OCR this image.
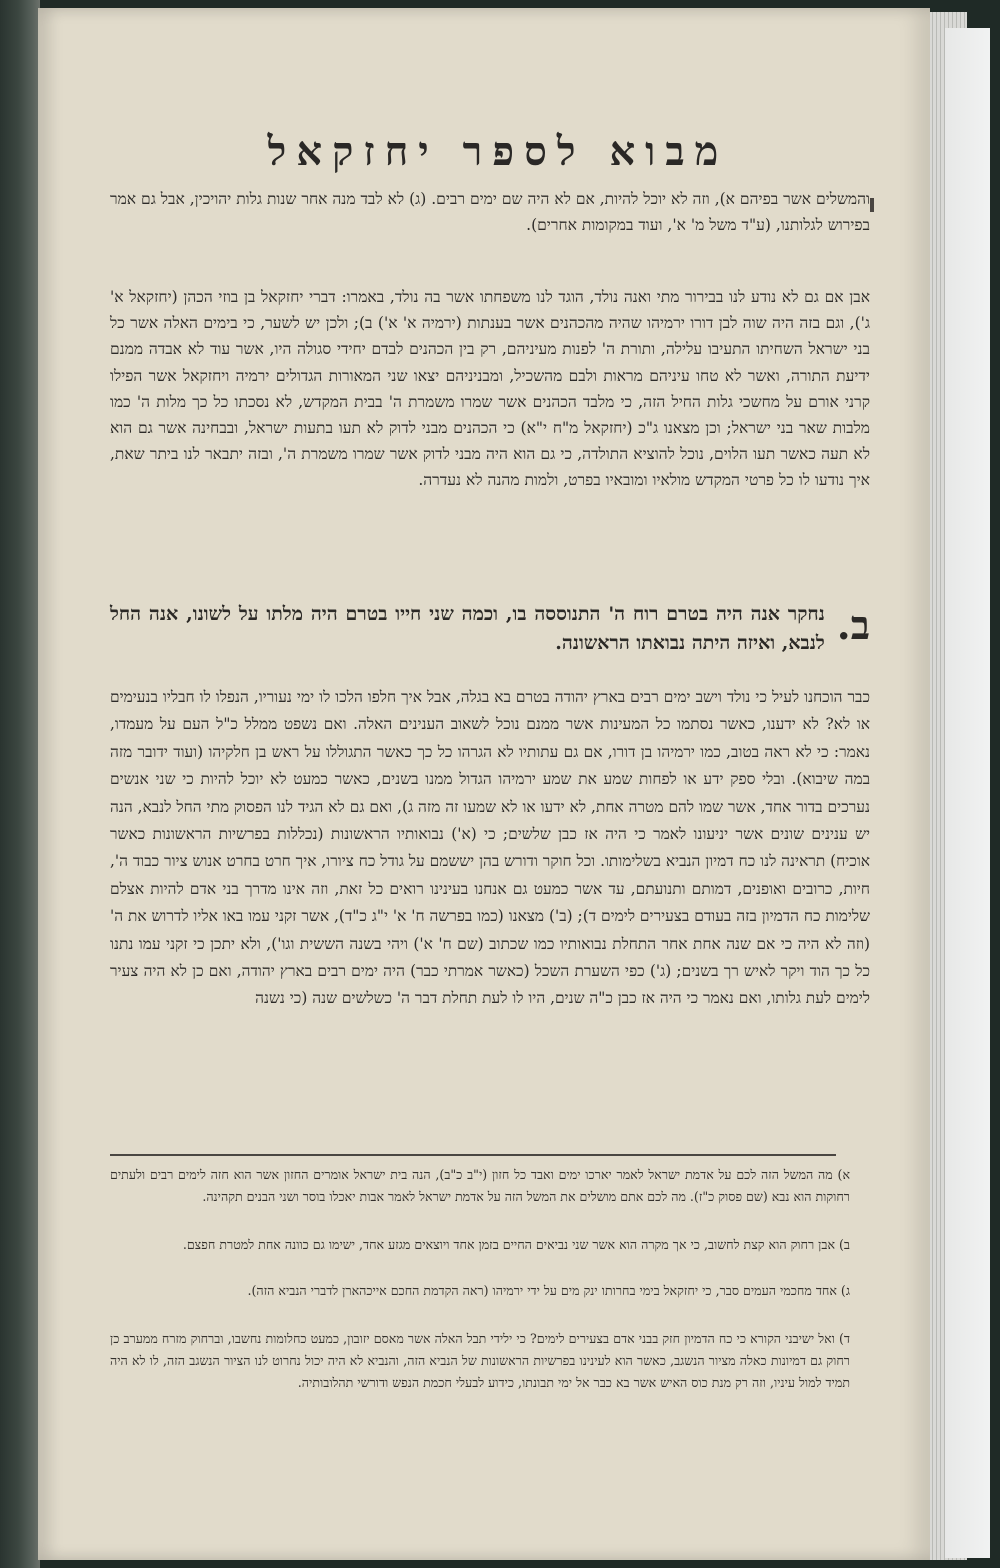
מבוא לספר יחזקאל

והמשלים אשר בפיהם א), וזה לא יוכל להיות, אם לא היה שם ימים רבים. (ג) לא לבד מנה אחר שנות גלות יהויכין, אבל גם אמר בפירוש לגלותנו, (ע"ד משל מ' א', ועוד במקומות אחרים).

אבן אם גם לא נודע לנו בבירור מתי ואנה נולד, הוגד לנו משפחתו אשר בה נולד, באמרו: דברי יחזקאל בן בוזי הכהן (יחזקאל א' ג'), וגם בזה היה שוה לבן דורו ירמיהו שהיה מהכהנים אשר בענתות (ירמיה א' א') ב); ולכן יש לשער, כי בימים האלה אשר כל בני ישראל השחיתו התעיבו עלילה, ותורת ה' לפנות מעיניהם, רק בין הכהנים לבדם יחידי סגולה היו, אשר עוד לא אבדה ממנם ידיעת התורה, ואשר לא טחו עיניהם מראות ולבם מהשכיל, ומבניניהם יצאו שני המאורות הגדולים ירמיה ויחזקאל אשר הפילו קרני אורם על מחשכי גלות החיל הזה, כי מלבד הכהנים אשר שמרו משמרת ה' בבית המקדש, לא נסכתו כל כך מלות ה' כמו מלבות שאר בני ישראל; וכן מצאנו ג"כ (יחזקאל מ"ח י"א) כי הכהנים מבני לדוק לא תעו בתעות ישראל, ובבחינה אשר גם הוא לא תעה כאשר תעו הלוים, נוכל להוציא התולדה, כי גם הוא היה מבני לדוק אשר שמרו משמרת ה', ובזה יתבאר לנו ביתר שאת, איך נודעו לו כל פרטי המקדש מולאיו ומובאיו בפרט, ולמות מהנה לא נעדרה.

ב.
נחקר אנה היה בטרם רוח ה' התנוססה בו, וכמה שני חייו בטרם היה מלתו על לשונו, אנה החל לנבא, ואיזה היתה נבואתו הראשונה.

כבר הוכחנו לעיל כי נולד וישב ימים רבים בארץ יהודה בטרם בא בגלה, אבל איך חלפו הלכו לו ימי נעוריו, הנפלו לו חבליו בנעימים או לא? לא ידענו, כאשר נסתמו כל המעינות אשר ממנם נוכל לשאוב הענינים האלה. ואם נשפט ממלל כ"ל העם על מעמדו, נאמר: כי לא ראה בטוב, כמו ירמיהו בן דורו, אם גם עתותיו לא הגרהו כל כך כאשר התגוללו על ראש בן חלקיהו (ועוד ידובר מזה במה שיבוא). ובלי ספק ידע או לפחות שמע את שמע ירמיהו הגדול ממנו בשנים, כאשר כמעט לא יוכל להיות כי שני אנשים נערכים בדור אחד, אשר שמו להם מטרה אחת, לא ידעו או לא שמעו זה מזה ג), ואם גם לא הגיד לנו הפסוק מתי החל לנבא, הנה יש ענינים שונים אשר יניעונו לאמר כי היה אז כבן שלשים; כי (א') נבואותיו הראשונות (נכללות בפרשיות הראשונות כאשר אוכיח) תראינה לנו כח דמיון הנביא בשלימותו. וכל חוקר ודורש בהן יששמם על גודל כח ציורו, איך חרט בחרט אנוש ציור כבוד ה', חיות, כרובים ואופנים, דמותם ותנועתם, עד אשר כמעט גם אנחנו בעינינו רואים כל זאת, וזה אינו מדרך בני אדם להיות אצלם שלימות כח הדמיון בזה בעודם בצעירים לימים ד); (ב') מצאנו (כמו בפרשה ח' א' י"ג כ"ד), אשר זקני עמו באו אליו לדרוש את ה' (וזה לא היה כי אם שנה אחת אחר התחלת נבואותיו כמו שכתוב (שם ח' א') ויהי בשנה הששית וגו'), ולא יתכן כי זקני עמו נתנו כל כך הוד ויקר לאיש רך בשנים; (ג') כפי השערת השכל (כאשר אמרתי כבר) היה ימים רבים בארץ יהודה, ואם כן לא היה צעיר לימים לעת גלותו, ואם נאמר כי היה אז כבן כ"ה שנים, היו לו לעת תחלת דבר ה' כשלשים שנה (כי נשנה

א) מה המשל הזה לכם על אדמת ישראל לאמר יארכו ימים ואבד כל חזון (י"ב כ"ב), הנה בית ישראל אומרים החזון אשר הוא חזה לימים רבים ולעתים רחוקות הוא נבא (שם פסוק כ"ז). מה לכם אתם מושלים את המשל הזה על אדמת ישראל לאמר אבות יאכלו בוסר ושני הבנים תקהינה.

ב) אבן רחוק הוא קצת לחשוב, כי אך מקרה הוא אשר שני נביאים החיים בזמן אחד ויוצאים מגזע אחד, ישימו גם כוונה אחת למטרת חפצם.

ג) אחד מחכמי העמים סבר, כי יחזקאל בימי בחרותו ינק מים על ידי ירמיהו (ראה הקדמת החכם אייכהארן לדברי הנביא הזה).

ד) ואל ישיבני הקורא כי כח הדמיון חזק בבני אדם בצעירים לימים? כי ילידי תבל האלה אשר מאסם יזובון, כמעט כחלומות נחשבו, וברחוק מזרח ממערב כן רחוק גם דמיונות כאלה מציור הנשגב, כאשר הוא לעינינו בפרשיות הראשונות של הנביא הזה, והנביא לא היה יכול נחרוט לנו הציור הנשגב הזה, לו לא היה תמיד למול עיניו, וזה רק מנת כוס האיש אשר בא כבר אל ימי תבונתו, כידוע לבעלי חכמת הנפש ודורשי תהלובותיה.
